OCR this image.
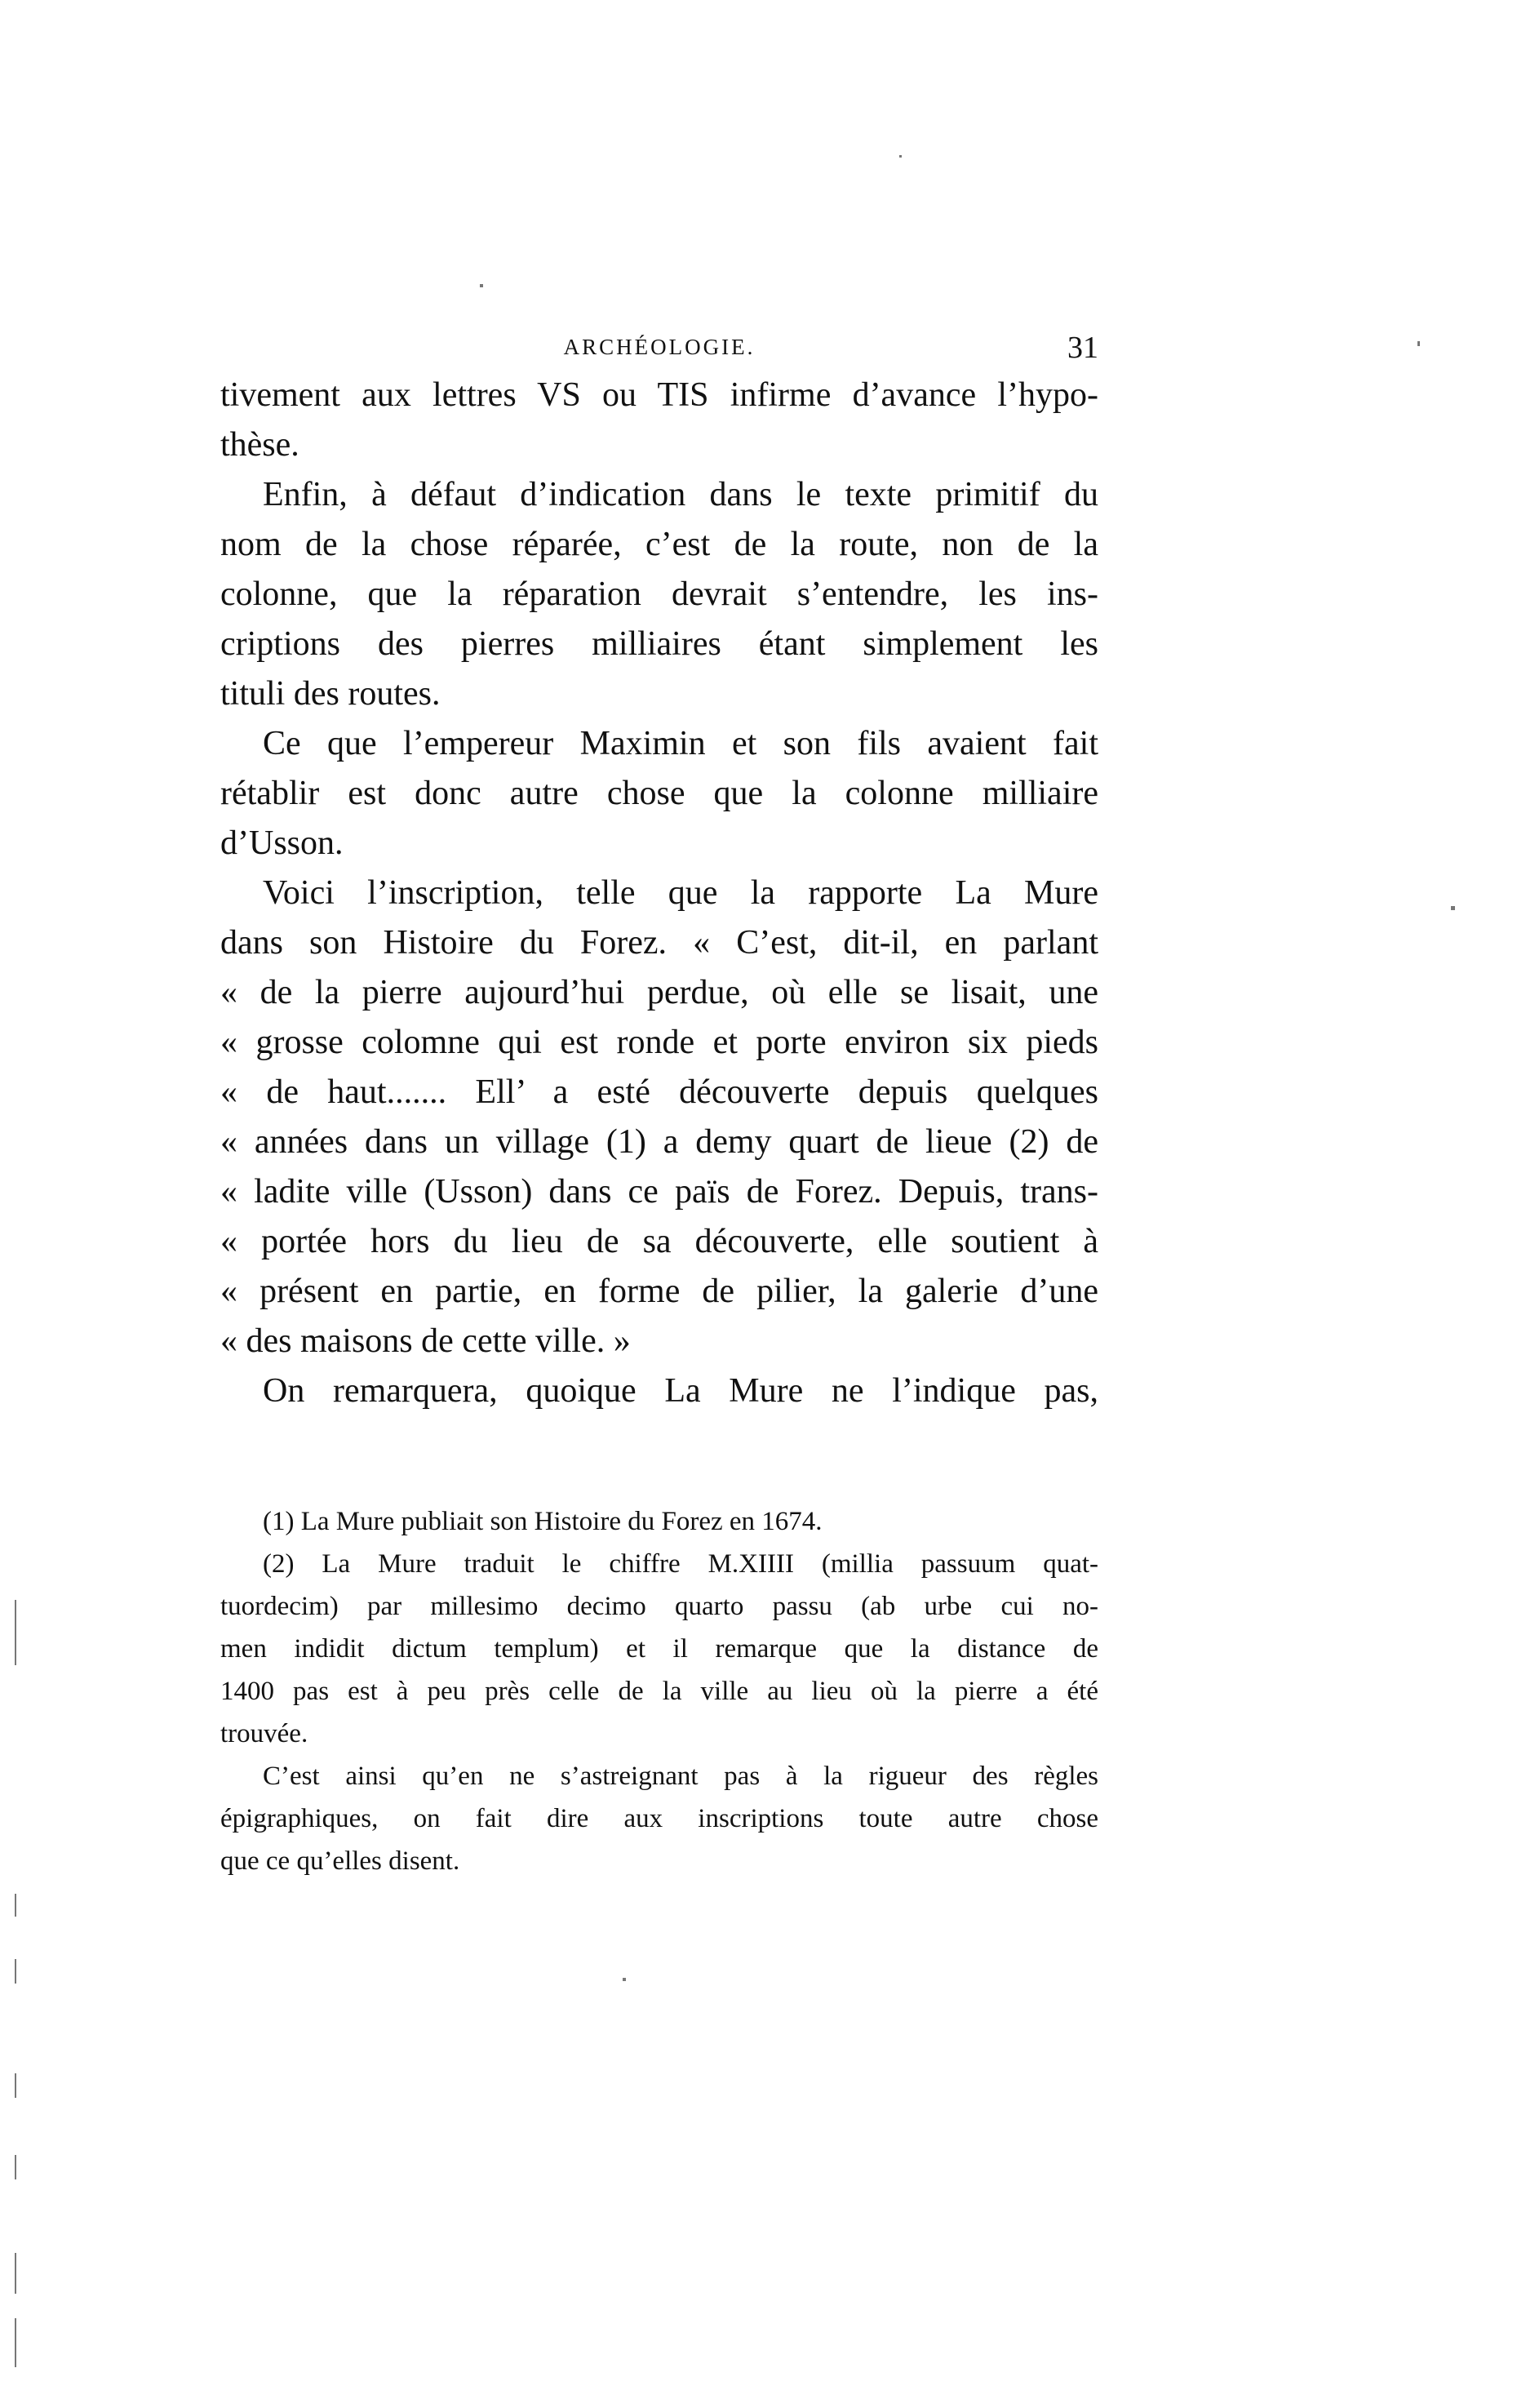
ARCHÉOLOGIE.	31
tivement aux lettres VS ou TIS infirme d’avance l’hypo-
thèse.
Enfin, à défaut d’indication dans le texte primitif du
nom de la chose réparée, c’est de la route, non de la
colonne, que la réparation devrait s’entendre, les ins-
criptions des pierres milliaires étant simplement les
tituli des routes.
Ce que l’empereur Maximin et son fils avaient fait
rétablir est donc autre chose que la colonne milliaire
d’Usson.
Voici l’inscription, telle que la rapporte La Mure
dans son Histoire du Forez. « C’est, dit-il, en parlant
« de la pierre aujourd’hui perdue, où elle se lisait, une
« grosse colomne qui est ronde et porte environ six pieds
« de haut....... Ell’ a esté découverte depuis quelques
« années dans un village (1) a demy quart de lieue (2) de
« ladite ville (Usson) dans ce païs de Forez. Depuis, trans-
« portée hors du lieu de sa découverte, elle soutient à
« présent en partie, en forme de pilier, la galerie d’une
« des maisons de cette ville. »
On remarquera, quoique La Mure ne l’indique pas,
(1) La Mure publiait son Histoire du Forez en 1674.
(2) La Mure traduit le chiffre M.XIIII (millia passuum quat-
tuordecim) par millesimo decimo quarto passu (ab urbe cui no-
men indidit dictum templum) et il remarque que la distance de
1400 pas est à peu près celle de la ville au lieu où la pierre a été
trouvée.
C’est ainsi qu’en ne s’astreignant pas à la rigueur des règles
épigraphiques, on fait dire aux inscriptions toute autre chose
que ce qu’elles disent.
